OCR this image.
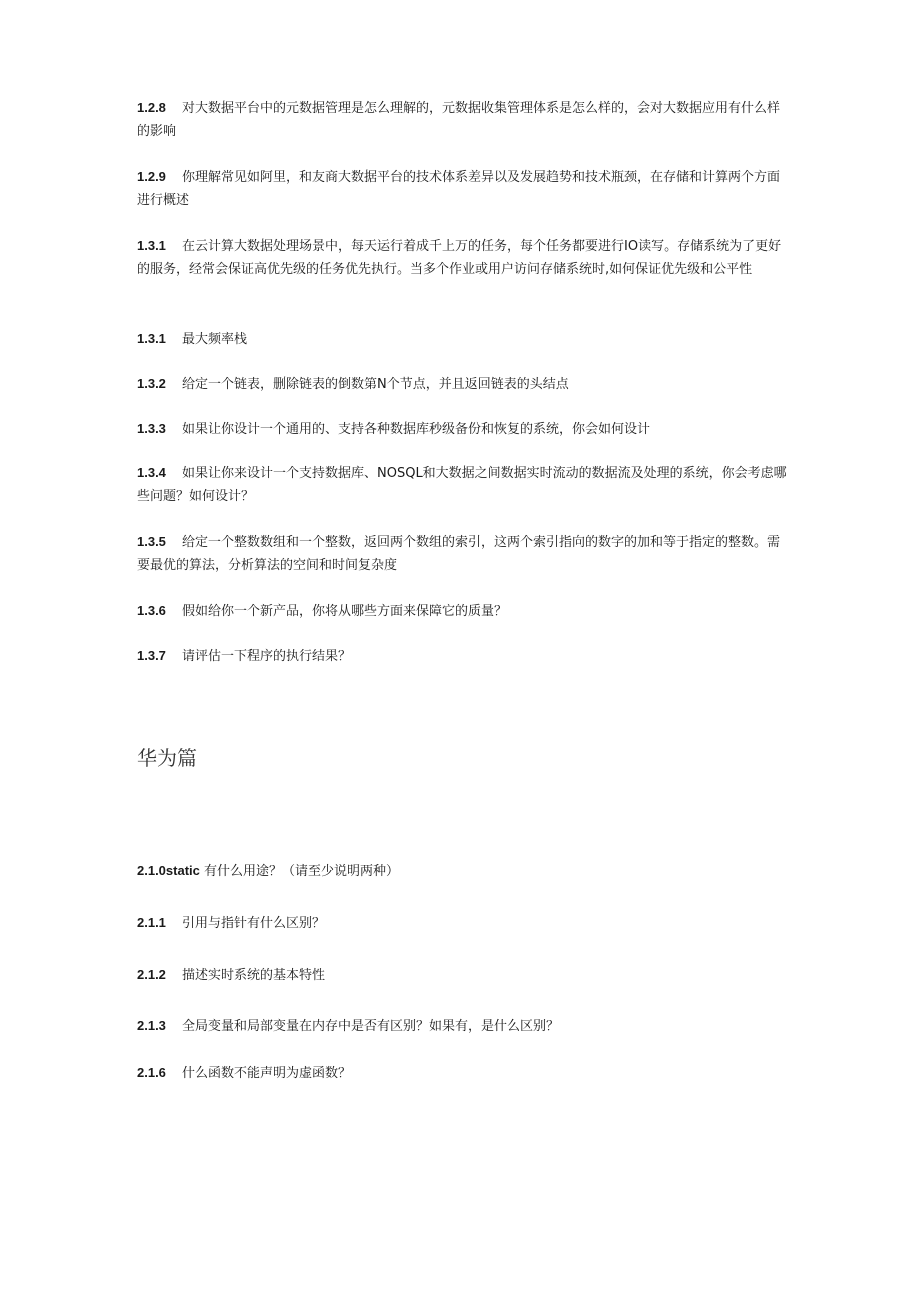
1.2.8 对大数据平台中的元数据管理是怎么理解的，元数据收集管理体系是怎么样的，会对大数据应用有什么样的影响
1.2.9 你理解常见如阿里，和友商大数据平台的技术体系差异以及发展趋势和技术瓶颈，在存储和计算两个方面进行概述
1.3.1 在云计算大数据处理场景中，每天运行着成千上万的任务，每个任务都要进行IO读写。存储系统为了更好的服务，经常会保证高优先级的任务优先执行。当多个作业或用户访问存储系统时,如何保证优先级和公平性
1.3.1 最大频率栈
1.3.2 给定一个链表，删除链表的倒数第N个节点，并且返回链表的头结点
1.3.3 如果让你设计一个通用的、支持各种数据库秒级备份和恢复的系统，你会如何设计
1.3.4 如果让你来设计一个支持数据库、NOSQL和大数据之间数据实时流动的数据流及处理的系统，你会考虑哪些问题？如何设计？
1.3.5 给定一个整数数组和一个整数，返回两个数组的索引，这两个索引指向的数字的加和等于指定的整数。需要最优的算法，分析算法的空间和时间复杂度
1.3.6 假如给你一个新产品，你将从哪些方面来保障它的质量？
1.3.7 请评估一下程序的执行结果？
华为篇
2.1.0static 有什么用途？（请至少说明两种）
2.1.1 引用与指针有什么区别？
2.1.2 描述实时系统的基本特性
2.1.3 全局变量和局部变量在内存中是否有区别？如果有，是什么区别？
2.1.6 什么函数不能声明为虚函数？
